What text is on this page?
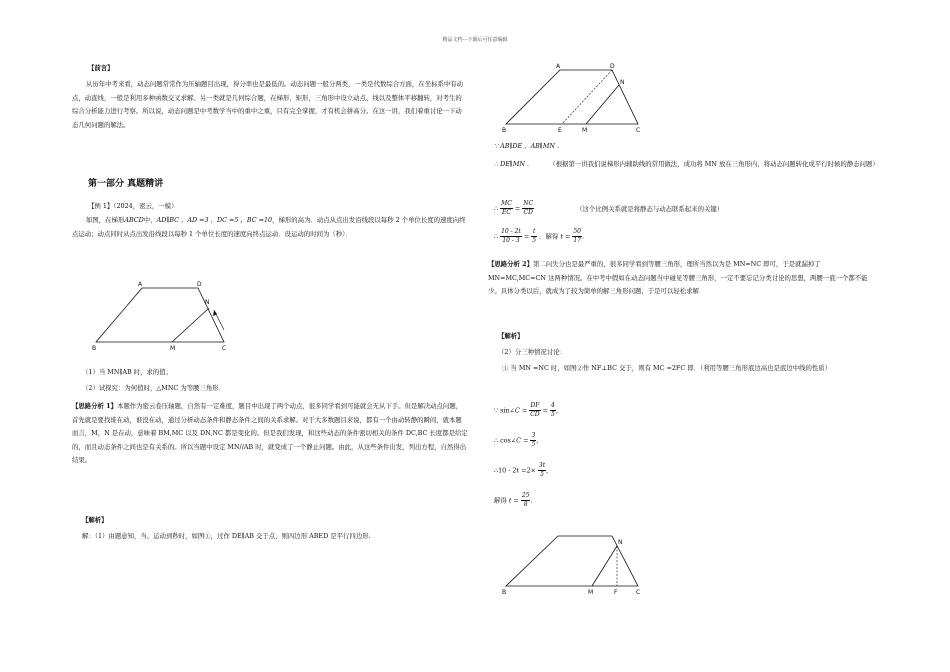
精品文档---下载后可任意编辑

【前言】

从历年中考来看，动态问题常常作为压轴题目出现，得分率也是最低的。动态问题一般分两类，一类是代数综合方面，在坐标系中有动点，动直线，一般是利用多种函数交叉求解。另一类就是几何综合题，在梯形，矩形，三角形中设立动点、线以及整体平移翻转，对考生的综合分析能力进行考察。所以说，动态问题是中考数学当中的重中之重，只有完全掌握，才有机会拼高分。在这一讲，我们着重讨论一下动态几何问题的解法。

第一部分 真题精讲

【例 1】（2024，密云，一模）

如图，在梯形ABCD中，AD∥BC ，AD =3 ，DC =5 ，BC =10，梯形的高为．动点从点出发沿线段以每秒 2 个单位长度的速度向终点运动；动点同时从点出发沿线段以每秒 1 个单位长度的速度向终点运动．设运动的时间为（秒）．
A	D
N
B	M	C

（1）当 MN∥AB 时，求的值；

（2）试探究：为何值时，△MNC 为等腰三角形．

【思路分析 1】本题作为密云卷压轴题，自然有一定难度，题目中出现了两个动点，很多同学看到可能就会无从下手。但是解决动点问题，首先就是要找谁在动，谁没在动，通过分析动态条件和静态条件之间的关系求解。对于大多数题目来说，都有一个由动转静的瞬间，就本题而言，M，N 是在动，意味着 BM,MC 以及 DN,NC 都是变化的。但是我们发现，和这些动态的条件密切相关的条件 DC,BC 长度都是给定的，而且动态条件之间也是有关系的。所以当题中设定 MN//AB 时，就变成了一个静止问题。由此，从这些条件出发，列出方程，自然得出结果。

【解析】

解：（1）由题意知，当、运动到秒时，如图①，过作 DE∥AB 交于点，则四边形 ABED 是平行四边形.

A	D
N
B	E	M	C

∵ AB∥DE ，AB∥MN .

∴ DE∥MN .	（根据第一讲我们说梯形内辅助线的常用做法，成功将 MN 放在三角形内，将动态问题转化成平行时候的静态问题）
∴ $\frac{MC}{EC} = \frac{NC}{CD}$	（这个比例关系就是将静态与动态联系起来的关键）
∴ $\frac{10 - 2t}{10 - 3} = \frac{t}{5}$ ．解得 $t = \frac{50}{17}$ .
【思路分析 2】第二问失分也是最严重的，很多同学看到等腰三角形，理所当然以为是 MN=NC 即可，于是就漏掉了 MN=MC,MC=CN 这两种情况。在中考中假如在动态问题当中碰见等腰三角形，一定不要忘记分类讨论的思想，两腰一底一个都不能少。具体分类以后，就成为了较为简单的解三角形问题，于是可以轻松求解

【解析】

（2）分三种情况讨论：

① 当 MN =NC 时，如图②作 NF⊥BC 交于，则有 MC =2FC 即．（利用等腰三角形底边高也是底边中线的性质）

∵ sin∠C = $\frac{DF}{CD} = \frac{4}{5}$ ,
∴ cos∠C = $\frac{3}{5}$ ,
∴10 - $2t =2\times \frac{3t}{5}$ ,
解得 $t = \frac{25}{8}$ .
N
B	M	F	C
